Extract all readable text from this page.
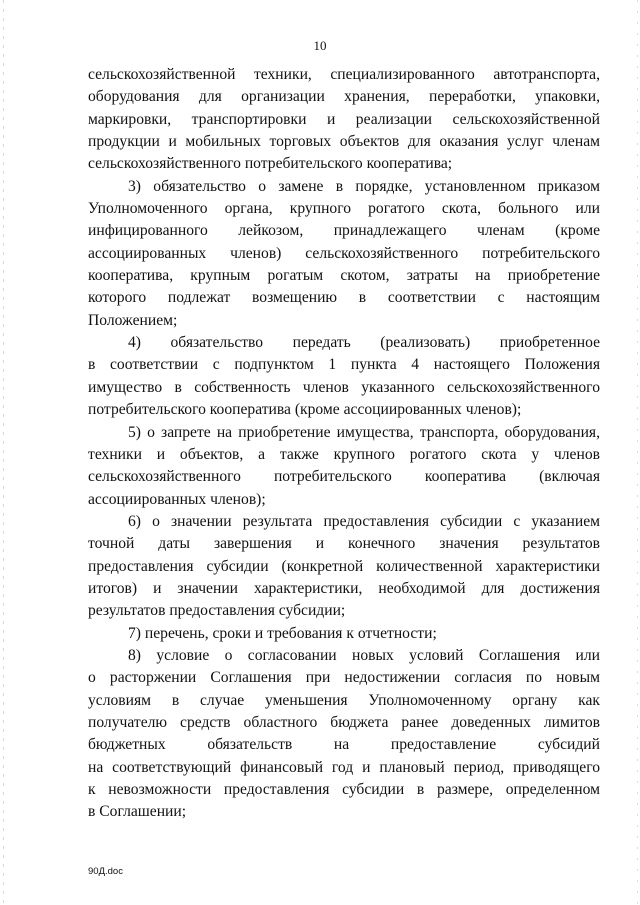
10
сельскохозяйственной техники, специализированного автотранспорта,
оборудования для организации хранения, переработки, упаковки,
маркировки, транспортировки и реализации сельскохозяйственной
продукции и мобильных торговых объектов для оказания услуг членам
сельскохозяйственного потребительского кооператива;
3) обязательство о замене в порядке, установленном приказом
Уполномоченного органа, крупного рогатого скота, больного или
инфицированного лейкозом, принадлежащего членам (кроме
ассоциированных членов) сельскохозяйственного потребительского
кооператива, крупным рогатым скотом, затраты на приобретение
которого подлежат возмещению в соответствии с настоящим
Положением;
4) обязательство передать (реализовать) приобретенное
в соответствии с подпунктом 1 пункта 4 настоящего Положения
имущество в собственность членов указанного сельскохозяйственного
потребительского кооператива (кроме ассоциированных членов);
5) о запрете на приобретение имущества, транспорта, оборудования,
техники и объектов, а также крупного рогатого скота у членов
сельскохозяйственного потребительского кооператива (включая
ассоциированных членов);
6) о значении результата предоставления субсидии с указанием
точной даты завершения и конечного значения результатов
предоставления субсидии (конкретной количественной характеристики
итогов) и значении характеристики, необходимой для достижения
результатов предоставления субсидии;
7) перечень, сроки и требования к отчетности;
8) условие о согласовании новых условий Соглашения или
о расторжении Соглашения при недостижении согласия по новым
условиям в случае уменьшения Уполномоченному органу как
получателю средств областного бюджета ранее доведенных лимитов
бюджетных обязательств на предоставление субсидий
на соответствующий финансовый год и плановый период, приводящего
к невозможности предоставления субсидии в размере, определенном
в Соглашении;
90Д.doc
